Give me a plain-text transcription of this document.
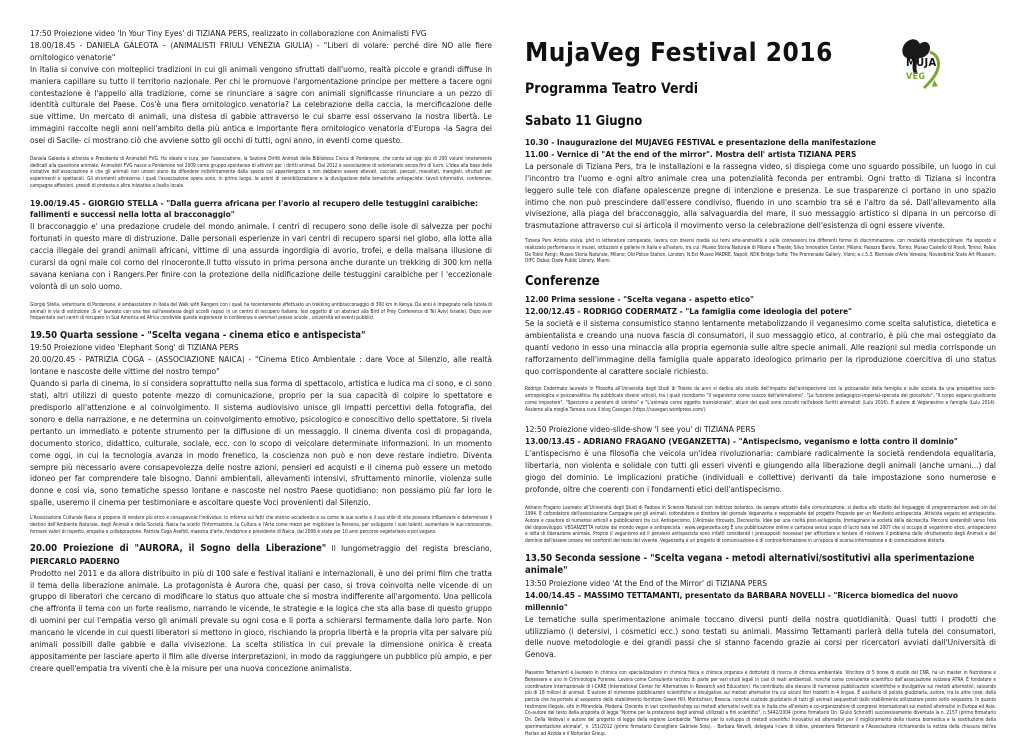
17:50 Proiezione video 'In Your Tiny Eyes' di TIZIANA PERS, realizzato in collaborazione con Animalisti FVG

18.00/18.45 - DANIELA GALEOTA – (ANIMALISTI FRIULI VENEZIA GIULIA) - "Liberi di volare: perché dire NO alle fiere ornitologico venatorie"

In Italia si convive con molteplici tradizioni in cui gli animali vengono sfruttati dall'uomo, realtà piccole e grandi diffuse in maniera capillare su tutto il territorio nazionale. Per chi le promuove l'argomentazione principe per mettere a tacere ogni contestazione è l'appello alla tradizione, come se rinunciare a sagre con animali significasse rinunciare a un pezzo di identità culturale del Paese. Cos'è una fiera ornitologico venatoria? La celebrazione della caccia, la mercificazione delle sue vittime. Un mercato di animali, una distesa di gabbie attraverso le cui sbarre essi osservano la nostra libertà. Le immagini raccolte negli anni nell'ambito della più antica e importante fiera ornitologico venatoria d'Europa -la Sagra dei osei di Sacile- ci mostrano ciò che avviene sotto gli occhi di tutti, ogni anno, in eventi come questo.

Daniela Galeota è attivista e Presidente di Animalisti FVG. Ha ideato e cura, per l'associazione, la Sezione Diritti Animali della Biblioteca Civica di Pordenone, che conta ad oggi più di 200 volumi interamente dedicati alla questione animale. Animalisti FVG nasce a Pordenone nel 2009 come gruppo spontaneo di attivisti per i diritti animali. Dal 2012 è associazione di volontariato senza fini di lucro. L'idea alla base delle iniziative dell'associazione è che gli animali non umani siano da difendere indistintamente dalla specie cui appartengono e non debbano essere allevati, cacciati, pescati, macellati, mangiati, sfruttati per esperimenti e spettacoli. Gli strumenti attraverso i quali l'associazione opera sono, in primo luogo, le azioni di sensibilizzazione e la divulgazione delle tematiche antispeciste: tavoli informativi, conferenze, campagne affissioni, presidi di protesta e altre iniziative a livello locale.

19.00/19.45 - GIORGIO STELLA - "Dalla guerra africana per l'avorio al recupero delle testuggini caraibiche: fallimenti e successi nella lotta al bracconaggio"

Il bracconaggio e' una predazione crudele del mondo animale. I centri di recupero sono delle isole di salvezza per pochi fortunati in questo mare di distruzione. Dalle personali esperienze in vari centri di recupero sparsi nel globo, alla lotta alla caccia illegale dei grandi animali africani, vittime di una assurda ingordigia di avorio, trofei, e della malsana illusione di curarsi da ogni male col corno del rinoceronte.Il tutto vissuto in prima persona anche durante un trekking di 300 km nella savana keniana con i Rangers.Per finire con la protezione della nidificazione delle testuggini caraibiche per l 'eccezionale volontà di un solo uomo.

Giorgio Stella, veterinario di Pordenone, è ambasciatore in Italia del Walk with Rangers con i quali ha recentemente effettuato un trekking antibracconaggio di 300 km in Kenya. Da anni è impegnato nella tutela di animali in via di estinzione .Si e' laureato con una tesi sull'anestesia degli uccelli rapaci in un centro di recupero italiano, tesi oggetto di un abstract alla Bird of Prey Conference di Tel Aviv( Israele). Dopo aver frequentato vari centri di recupero in Sud America ed Africa condivide queste esperienze in conferenze e seminari presso scuole , università ed eventi pubblici.

19.50 Quarta sessione - "Scelta vegana - cinema etico e antispecista"

19:50 Proiezione video 'Elephant Song' di TIZIANA PERS

20.00/20.45 - PATRIZIA COGA – (ASSOCIAZIONE NAICA) - "Cinema Etico Ambientale : dare Voce al Silenzio, alle realtà lontane e nascoste delle vittime del nostro tempo"

Quando si parla di cinema, lo si considera soprattutto nella sua forma di spettacolo, artistica e ludica ma ci sono, e ci sono stati, altri utilizzi di questo potente mezzo di comunicazione, proprio per la sua capacità di colpire lo spettatore e predisporlo all'attenzione e al coinvolgimento. Il sistema audiovisivo unisce gli impatti percettivi della fotografia, del sonoro e della narrazione, e ne determina un coinvolgimento emotivo, psicologico e conoscitivo dello spettatore. Si rivela pertanto un immediato e potente strumento per la diffusione di un messaggio. Il cinema diventa così di propaganda, documento storico, didattico, culturale, sociale, ecc. con lo scopo di veicolare determinate informazioni. In un momento come oggi, in cui la tecnologia avanza in modo frenetico, la coscienza non può e non deve restare indietro. Diventa sempre più necessario avere consapevolezza delle nostre azioni, pensieri ed acquisti e il cinema può essere un metodo idoneo per far comprendere tale bisogno. Danni ambientali, allevamenti intensivi, sfruttamento minorile, violenza sulle donne e così via, sono tematiche spesso lontane e nascoste nel nostro Paese quotidiano: non possiamo più far loro le spalle, useremo il cinema per testimoniare e ascoltare queste Voci provenienti dal Silenzio.

L'Associazione Culturale Naica si propone di rendere più etico e consapevole l'individuo: lo informa sui fatti che stanno accadendo e su come le sue scelte e il suo stile di vita possano influenzare e determinare il destino dell'Ambiente Naturale, degli Animali e della Società. Naica ha scelto l'Informazione, la Cultura e l'Arte come mezzi per migliorare la Persona, per sviluppare i suoi talenti, aumentare le sue conoscenze, formare valori di rispetto, empatia e collaborazione. Patrizia Coga Asefidi, maestra d'arte, fondatrice e presidente di Naica, dal 2006 è stata per 10 anni percorso vegetariano e poi vegano.

20.00 Proiezione di "AURORA, il Sogno della Liberazione" Il lungometraggio del regista bresciano, PIERCARLO PADERNO

Prodotto nel 2011 e da allora distribuito in più di 100 sale e festival italiani e internazionali, è uno dei primi film che tratta il tema della liberazione animale. La protagonista è Aurora che, quasi per caso, si trova coinvolta nelle vicende di un gruppo di liberatori che cercano di modificare lo status quo attuale che si mostra indifferente all'argomento. Una pellicola che affronta il tema con un forte realismo, narrando le vicende, le strategie e la logica che sta alla base di questo gruppo di uomini per cui l'empatia verso gli animali prevale su ogni cosa e li porta a schierarsi fermamente dalla loro parte. Non mancano le vicende in cui questi liberatori si mettono in gioco, rischiando la propria libertà e la propria vita per salvare più animali possibili dalle gabbie e dalla vivisezione. La scelta stilistica in cui prevale la dimensione onirica è creata appositamente per lasciare aperto il film alle diverse interpretazioni, in modo da raggiungere un pubblico più ampio, e per creare quell'empatia tra viventi che è la misure per una nuova concezione animalista.

MujaVeg Festival 2016
Programma Teatro Verdi
Sabato 11 Giugno

10.30 - Inaugurazione del MUJAVEG FESTIVAL e presentazione della manifestazione

11.00 - Vernice di "At the end of the mirror". Mostra dell' artista TIZIANA PERS

La personale di Tiziana Pers, tra le installazioni e la rassegna video, si dispiega come uno sguardo possibile, un luogo in cui l'incontro tra l'uomo e ogni altro animale crea una potenzialità feconda per entrambi. Ogni tratto di Tiziana si incontra leggero sulle tele con diafane opalescenze pregne di intenzione e presenza. Le sue trasparenze ci portano in uno spazio intimo che non può prescindere dall'essere condiviso, fluendo in uno scambio tra sé e l'altro da sé. Dall'allevamento alla vivisezione, alla piaga del bracconaggio, alla salvaguardia del mare, il suo messaggio artistico si dipana in un percorso di trasmutazione attraverso cui si articola il movimento verso la celebrazione dell'esistenza di ogni essere vivente.

Tiziana Pers Artista visiva, phd in letterature comparate, lavora con diversi media sui temi arte-animalità e sulle connessioni tra differenti forme di discriminazione, con modalità interdisciplinare. Ha esposto e realizzato performance in musei, istituzioni e gallerie in Italia e all'estero, tra cui: Museo Storia Naturale di Milano e Trieste; Silvo Innovation Center, Milano; Palazzo Barolo, Torino; Museo Castello di Rivoli, Torino; Palais De Tokio Parigi; Museo Storia Naturale, Milano; Old Police Station, London; N.Est Museo MADRE, Napoli; NDK Bridge Sofia; The Promenade Gallery, Vlore; e.c.5.3. Biennale d'Arte Venezia; Novosibirsk State Art Museum; DIFC Dubai; Dade Public Library, Miami.

Conferenze

12.00 Prima sessione - "Scelta vegana - aspetto etico"

12.00/12.45 - RODRIGO CODERMATZ - "La famiglia come ideologia del potere"

Se la società e il sistema consumistico stanno lentamente metabolizzando il veganesimo come scelta salutistica, dietetica e ambientalista e creando una nuova fascia di consumatori, il suo messaggio etico, al contrario, è più che mai osteggiato da quanti vedono in esso una minaccia alla propria egemonia sulle altre specie animali. Alle reazioni sul media corrisponde un rafforzamento dell'immagine della famiglia quale apparato ideologico primario per la riproduzione coercitiva di uno status quo corrispondente al carattere sociale richiesto.

Rodrigo Codermatz laureato in Filosofia all'Università degli Studi di Trieste da anni si dedica allo studio dell'impatto dell'antispecismo con la psicoanalisi della famiglia e sulle società da una prospettiva socio-antropologica e psicoanalitica. Ha pubblicato diversi articoli, tra i quali ricordiamo "Il veganismo come scacco dell'animalismo", "La funzione pedagogico-imperial-specista del giocattolo", "Il corpo vegano giudicante come impostore", "Specismo e pensiero di sinistra" e "L'animale come oggetto transizionale", alcuni dei quali sono raccolti nell'ebook Scritti animalisti (Lulu 2016). È autore di Veganesimo e famiglia (Lulu 2014). Assieme alla moglie Tamara cura il blog Cavegan (https://cavegan.wordpress.com/).

12:50 Proiezione video-slide-show 'I see you' di TIZIANA PERS

13.00/13.45 - ADRIANO FRAGANO (VEGANZETTA) - "Antispecismo, veganismo e lotta contro il dominio"

L'antispecismo è una filosofia che veicola un'idea rivoluzionaria: cambiare radicalmente la società rendendola equalitaria, libertaria, non violenta e solidale con tutti gli esseri viventi e giungendo alla liberazione degli animali (anche umani...) dal giogo del dominio. Le implicazioni pratiche (individuali e collettive) derivanti da tale impostazione sono numerose e profonde, oltre che coerenti con i fondamenti etici dell'antispecismo.

Adriano Fragano Laureato all'Università degli Studi di Padova in Scienze Naturali con indirizzo botanico, da sempre attratto dalla comunicazione, si dedica allo studio del linguaggio di programmazione web sin dal 1994. È cofondatore dell'associazione Campagne per gli animali, cofondatore e direttore del giornale Veganzetta e responsabile del progetto Proposte per un Manifesto antispecista. Attivista vegano ed antispecista. Autore e coautore di numerosi articoli e pubblicazioni tra cui: Antispecismo, L'Animale ritrovato, Decrescita. Idee per una civiltà post-sviluppista, Immaginare la società della decrescita. Percorsi sostenibili verso l'età del doposviluppo. VEGANZETTA notizie dal mondo vegan e antispecista - www.veganzetta.org È una pubblicazione online e cartacea senza scopo di lucro nata nel 2007 che si occupa di veganismo etico, antispecismo e lotta di liberazione animale. Proprio il veganismo ed il pensiero antispecista sono infatti considerati i presupposti necessari per affrontare e tentare di risolvere il problema dello sfruttamento degli Animali e del dominio dell'essere umano nei confronti del resto del vivente. Veganzetta è un progetto di comunicazione e di controinformazione in un'epoca di scarsa informazione e di comunicazione distorta.

13.50 Seconda sessione - "Scelta vegana - metodi alternativi/sostitutivi alla sperimentazione animale"

13:50 Proiezione video 'At the End of the Mirror' di TIZIANA PERS

14.00/14.45 – MASSIMO TETTAMANTI, presentato da BARBARA NOVELLI - "Ricerca biomedica del nuovo millennio"

Le tematiche sulla sperimentazione animale toccano diversi punti della nostra quotidianità. Quasi tutti i prodotti che utilizziamo (i detersivi, i cosmetici ecc.) sono testati su animali. Massimo Tettamanti parlerà della tutela dei consumatori, delle nuove metodologie e dei grandi passi che si stanno facendo grazie ai corsi per ricercatori avviati dall'Università di Genova.

Massimo Tettamanti è laureato in chimica con specializzazioni in chimica fisica e chimica organica e dottorato di ricerca in chimica ambientale. Vincitore di 5 borse di studio del CNR, ha un master in Nutrizione e Benessere e uno in Criminologia Forense. Lavora come Consulente tecnico di parte per vari studi legali in casi di reati ambientali, nonché come consulente scientifico dell'associazione svizzera ATRA. È fondatore e coordinatore internazionale di I-CARE (International Center for Alternatives in Research and Education). Ha contribuito alla stesura di numerose pubblicazioni scientifiche e divulgative sui metodi alternativi, salvando più di 18 milioni di animali. È autore di numerose pubblicazioni scientifiche e divulgative sui metodi alternativi tra cui alcuni libri tradotti in 4 lingue. È ausiliario di polizia giudiziaria, autore, tra le altre cose, della perizia che ha portato al sequestro dello stabilimento fornitore Green Hill, Montichiari, Brescia, nonché custode giudiziario di tutti gli animali sequestrati dallo stabilimento utilizzatore posto sotto sequestro. In quanto testimone illegale, sito in Mirandola, Modena. Docente in vari corsi/workshop sui metodi alternativi svolti sia in Italia che all'estero e co-organizzatore di congressi internazionali sui metodi alternativi in Europa ed Asia. Co-autore del testo della proposta di legge "Norme per la protezione degli animali utilizzati a fini scientifici", n.5442/2004 (primo firmatario On. Giulio Schmidt) successivamente diventata la n. 2157 (primo firmatario On. Della Vedova) e autore del progetto di legge della regione Lombardia "Norme per lo sviluppo di metodi scientifici innovativi ed alternativi per il miglioramento della ricerca biomedica e la sostituzione della sperimentazione animale", n. 151/2012 (primo firmatario Consigliere Gabriele Sola). - Barbara Novelli, delegata I-care di Udine, presenterà Tettamanti e l'Associazione richiamando la notizia della chiusura dell'ex Harlan ad Azzida e il Noharlan Group.

MUJA
VEG
